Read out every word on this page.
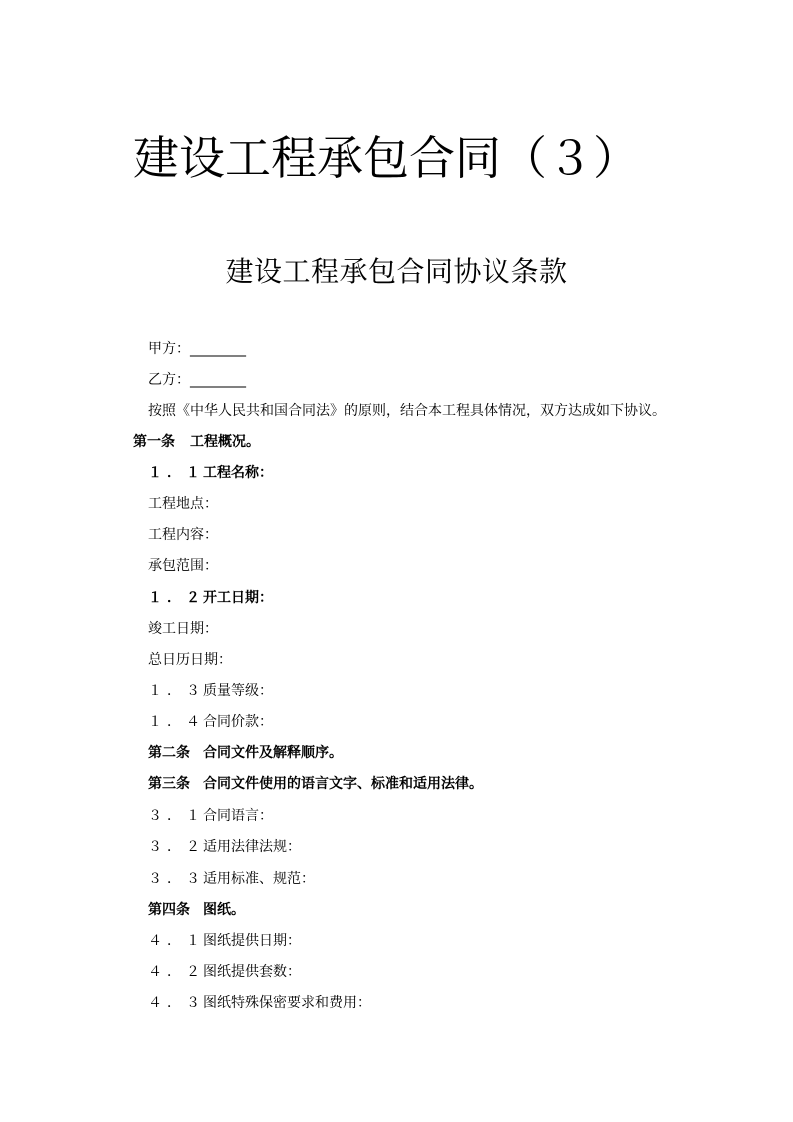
建设工程承包合同（３）
建设工程承包合同协议条款
甲方：________
乙方：________
按照《中华人民共和国合同法》的原则，结合本工程具体情况，双方达成如下协议。
第一条 工程概况。
１．１工程名称：
工程地点：
工程内容：
承包范围：
１．２开工日期：
竣工日期：
总日历日期：
１．３质量等级：
１．４合同价款：
第二条 合同文件及解释顺序。
第三条 合同文件使用的语言文字、标准和适用法律。
３．１合同语言：
３．２适用法律法规：
３．３适用标准、规范：
第四条 图纸。
４．１图纸提供日期：
４．２图纸提供套数：
４．３图纸特殊保密要求和费用：
